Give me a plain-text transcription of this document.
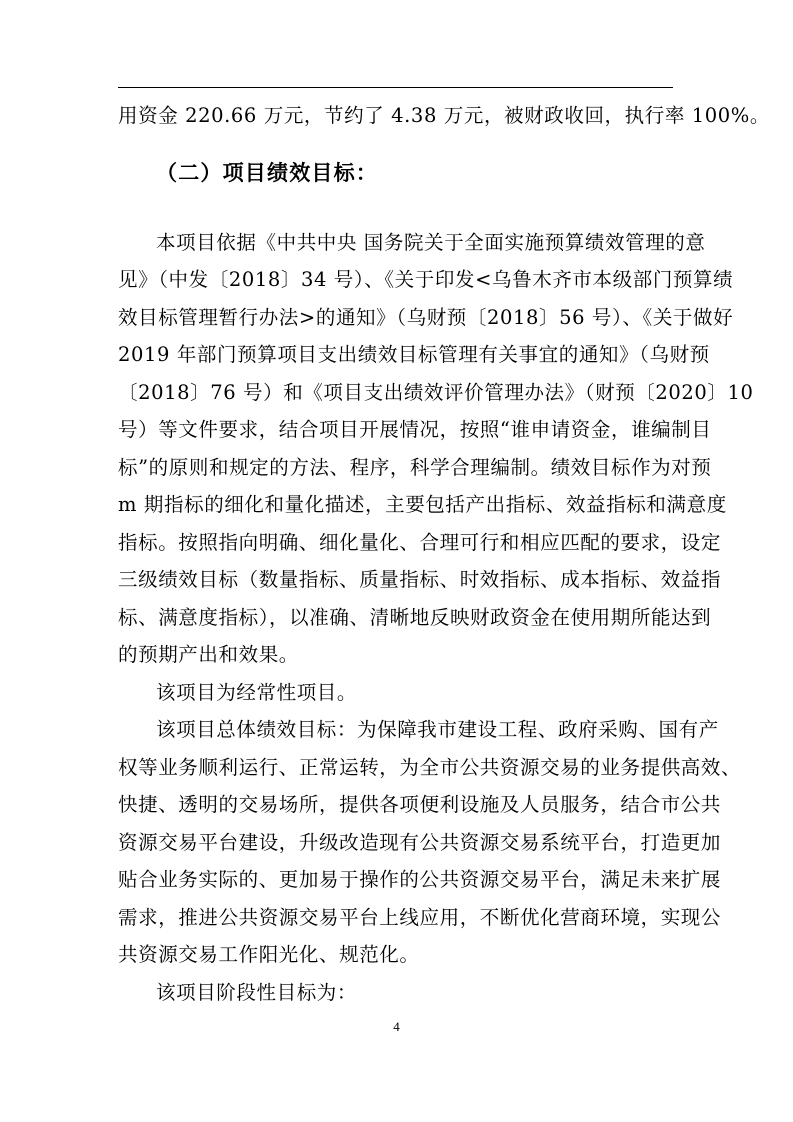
用资金 220.66 万元，节约了 4.38 万元，被财政收回，执行率 100%。
（二）项目绩效目标：
本项目依据《中共中央 国务院关于全面实施预算绩效管理的意
见》（中发〔2018〕34 号）、《关于印发<乌鲁木齐市本级部门预算绩
效目标管理暂行办法>的通知》（乌财预〔2018〕56 号）、《关于做好
2019 年部门预算项目支出绩效目标管理有关事宜的通知》（乌财预
〔2018〕76 号）和《项目支出绩效评价管理办法》（财预〔2020〕10
号）等文件要求，结合项目开展情况，按照“谁申请资金，谁编制目
标”的原则和规定的方法、程序，科学合理编制。绩效目标作为对预
m 期指标的细化和量化描述，主要包括产出指标、效益指标和满意度
指标。按照指向明确、细化量化、合理可行和相应匹配的要求，设定
三级绩效目标（数量指标、质量指标、时效指标、成本指标、效益指
标、满意度指标），以准确、清晰地反映财政资金在使用期所能达到
的预期产出和效果。
该项目为经常性项目。
该项目总体绩效目标：为保障我市建设工程、政府采购、国有产
权等业务顺利运行、正常运转，为全市公共资源交易的业务提供高效、
快捷、透明的交易场所，提供各项便利设施及人员服务，结合市公共
资源交易平台建设，升级改造现有公共资源交易系统平台，打造更加
贴合业务实际的、更加易于操作的公共资源交易平台，满足未来扩展
需求，推进公共资源交易平台上线应用，不断优化营商环境，实现公
共资源交易工作阳光化、规范化。
该项目阶段性目标为：
4
